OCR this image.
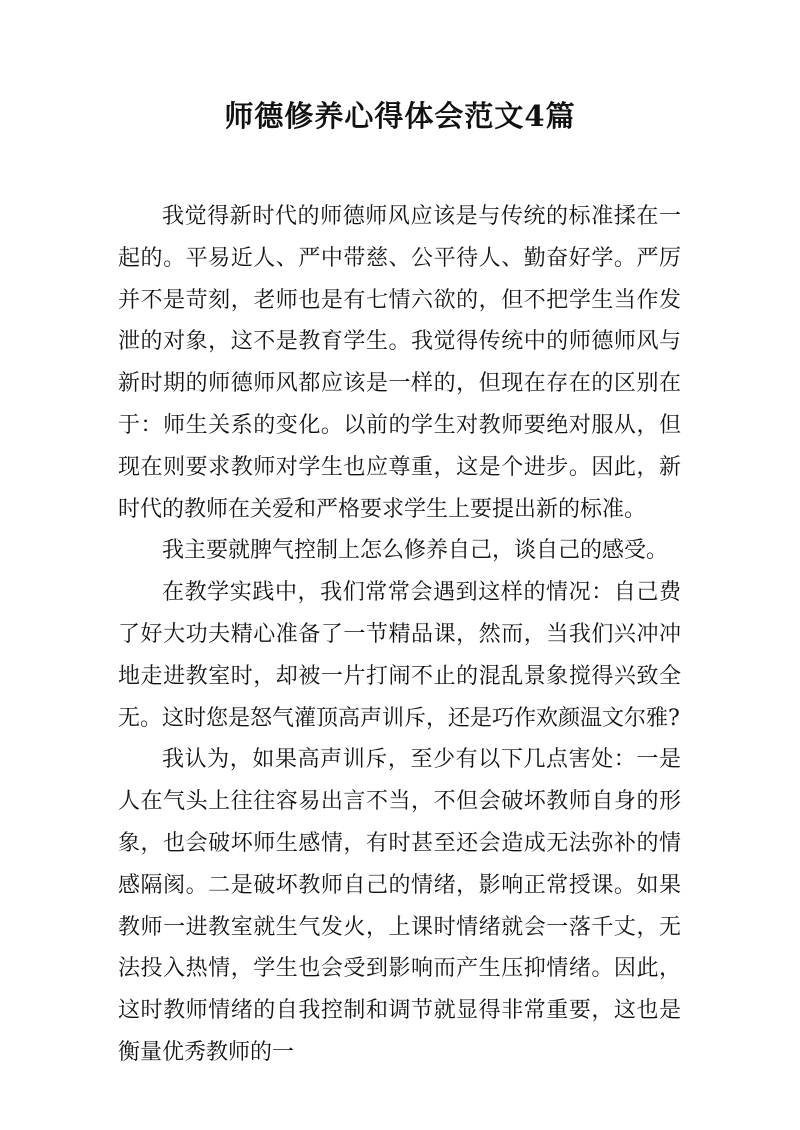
师德修养心得体会范文4篇

我觉得新时代的师德师风应该是与传统的标准揉在一起的。平易近人、严中带慈、公平待人、勤奋好学。严厉并不是苛刻，老师也是有七情六欲的，但不把学生当作发泄的对象，这不是教育学生。我觉得传统中的师德师风与新时期的师德师风都应该是一样的，但现在存在的区别在于：师生关系的变化。以前的学生对教师要绝对服从，但现在则要求教师对学生也应尊重，这是个进步。因此，新时代的教师在关爱和严格要求学生上要提出新的标准。

我主要就脾气控制上怎么修养自己，谈自己的感受。

在教学实践中，我们常常会遇到这样的情况：自己费了好大功夫精心准备了一节精品课，然而，当我们兴冲冲地走进教室时，却被一片打闹不止的混乱景象搅得兴致全无。这时您是怒气灌顶高声训斥，还是巧作欢颜温文尔雅?

我认为，如果高声训斥，至少有以下几点害处：一是人在气头上往往容易出言不当，不但会破坏教师自身的形象，也会破坏师生感情，有时甚至还会造成无法弥补的情感隔阂。二是破坏教师自己的情绪，影响正常授课。如果教师一进教室就生气发火，上课时情绪就会一落千丈，无法投入热情，学生也会受到影响而产生压抑情绪。因此，这时教师情绪的自我控制和调节就显得非常重要，这也是衡量优秀教师的一
